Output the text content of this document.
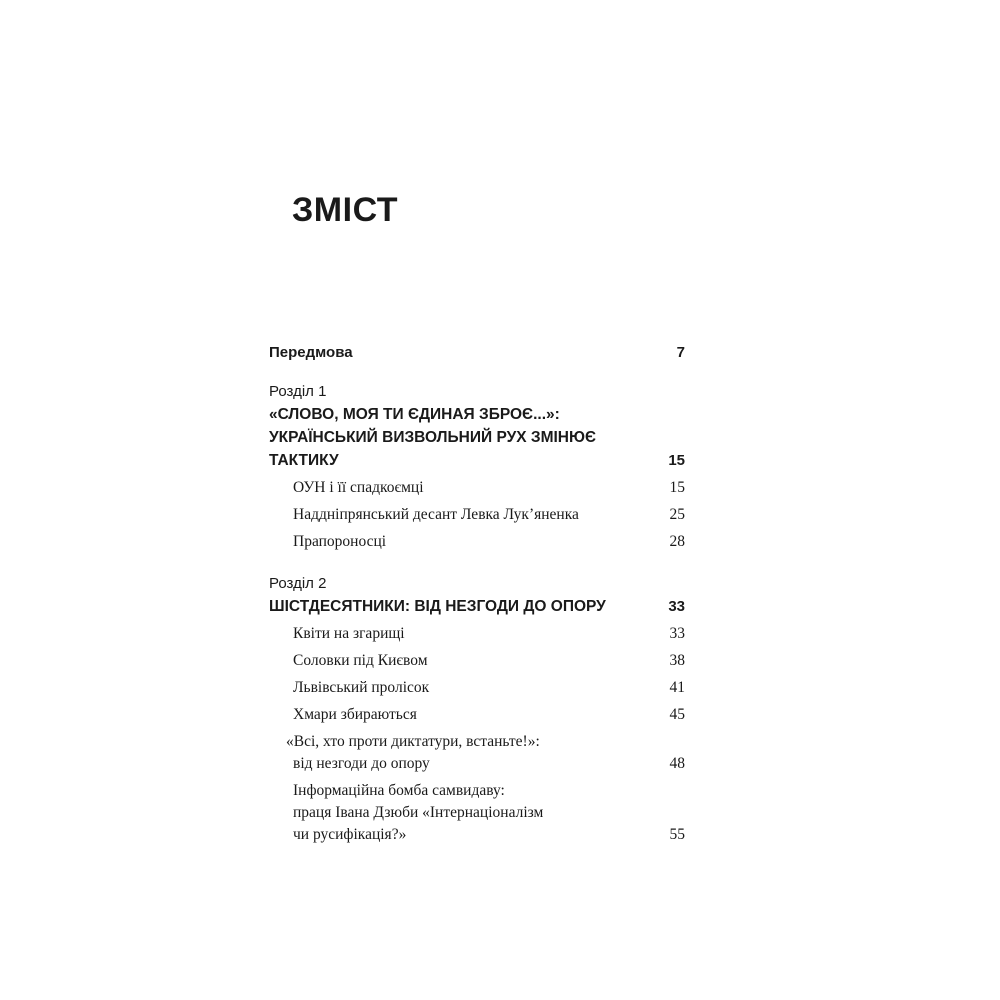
ЗМІСТ
Передмова	7
Розділ 1
«СЛОВО, МОЯ ТИ ЄДИНАЯ ЗБРОЄ...»:
УКРАЇНСЬКИЙ ВИЗВОЛЬНИЙ РУХ ЗМІНЮЄ
ТАКТИКУ	15
ОУН і її спадкоємці	15
Наддніпрянський десант Левка Лук’яненка	25
Прапороносці	28
Розділ 2
ШІСТДЕСЯТНИКИ: ВІД НЕЗГОДИ ДО ОПОРУ	33
Квіти на згарищі	33
Соловки під Києвом	38
Львівський пролісок	41
Хмари збираються	45
«Всі, хто проти диктатури, встаньте!»:
від незгоди до опору	48
Інформаційна бомба самвидаву:
праця Івана Дзюби «Інтернаціоналізм
чи русифікація?»	55
